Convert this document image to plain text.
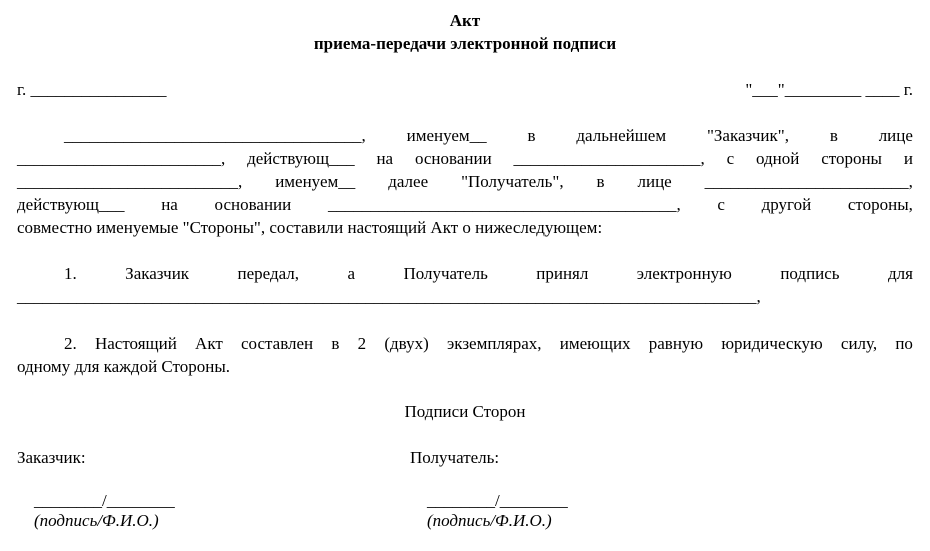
Акт
приема-передачи электронной подписи
г. ________________	"___"_________ ____ г.
___________________________________, именуем__ в дальнейшем "Заказчик", в лице
________________________, действующ___ на основании ______________________, с одной стороны и
__________________________, именуем__ далее "Получатель", в лице ________________________,
действующ___ на основании _________________________________________, с другой стороны,
совместно именуемые "Стороны", составили настоящий Акт о нижеследующем:
1.	Заказчик	передал,	а	Получатель	принял	электронную	подпись	для
_______________________________________________________________________________________,
2. Настоящий Акт составлен в 2 (двух) экземплярах, имеющих равную юридическую силу, по
одному для каждой Стороны.
Подписи Сторон
Заказчик:

________/________
(подпись/Ф.И.О.)

Получатель:

________/________
(подпись/Ф.И.О.)
